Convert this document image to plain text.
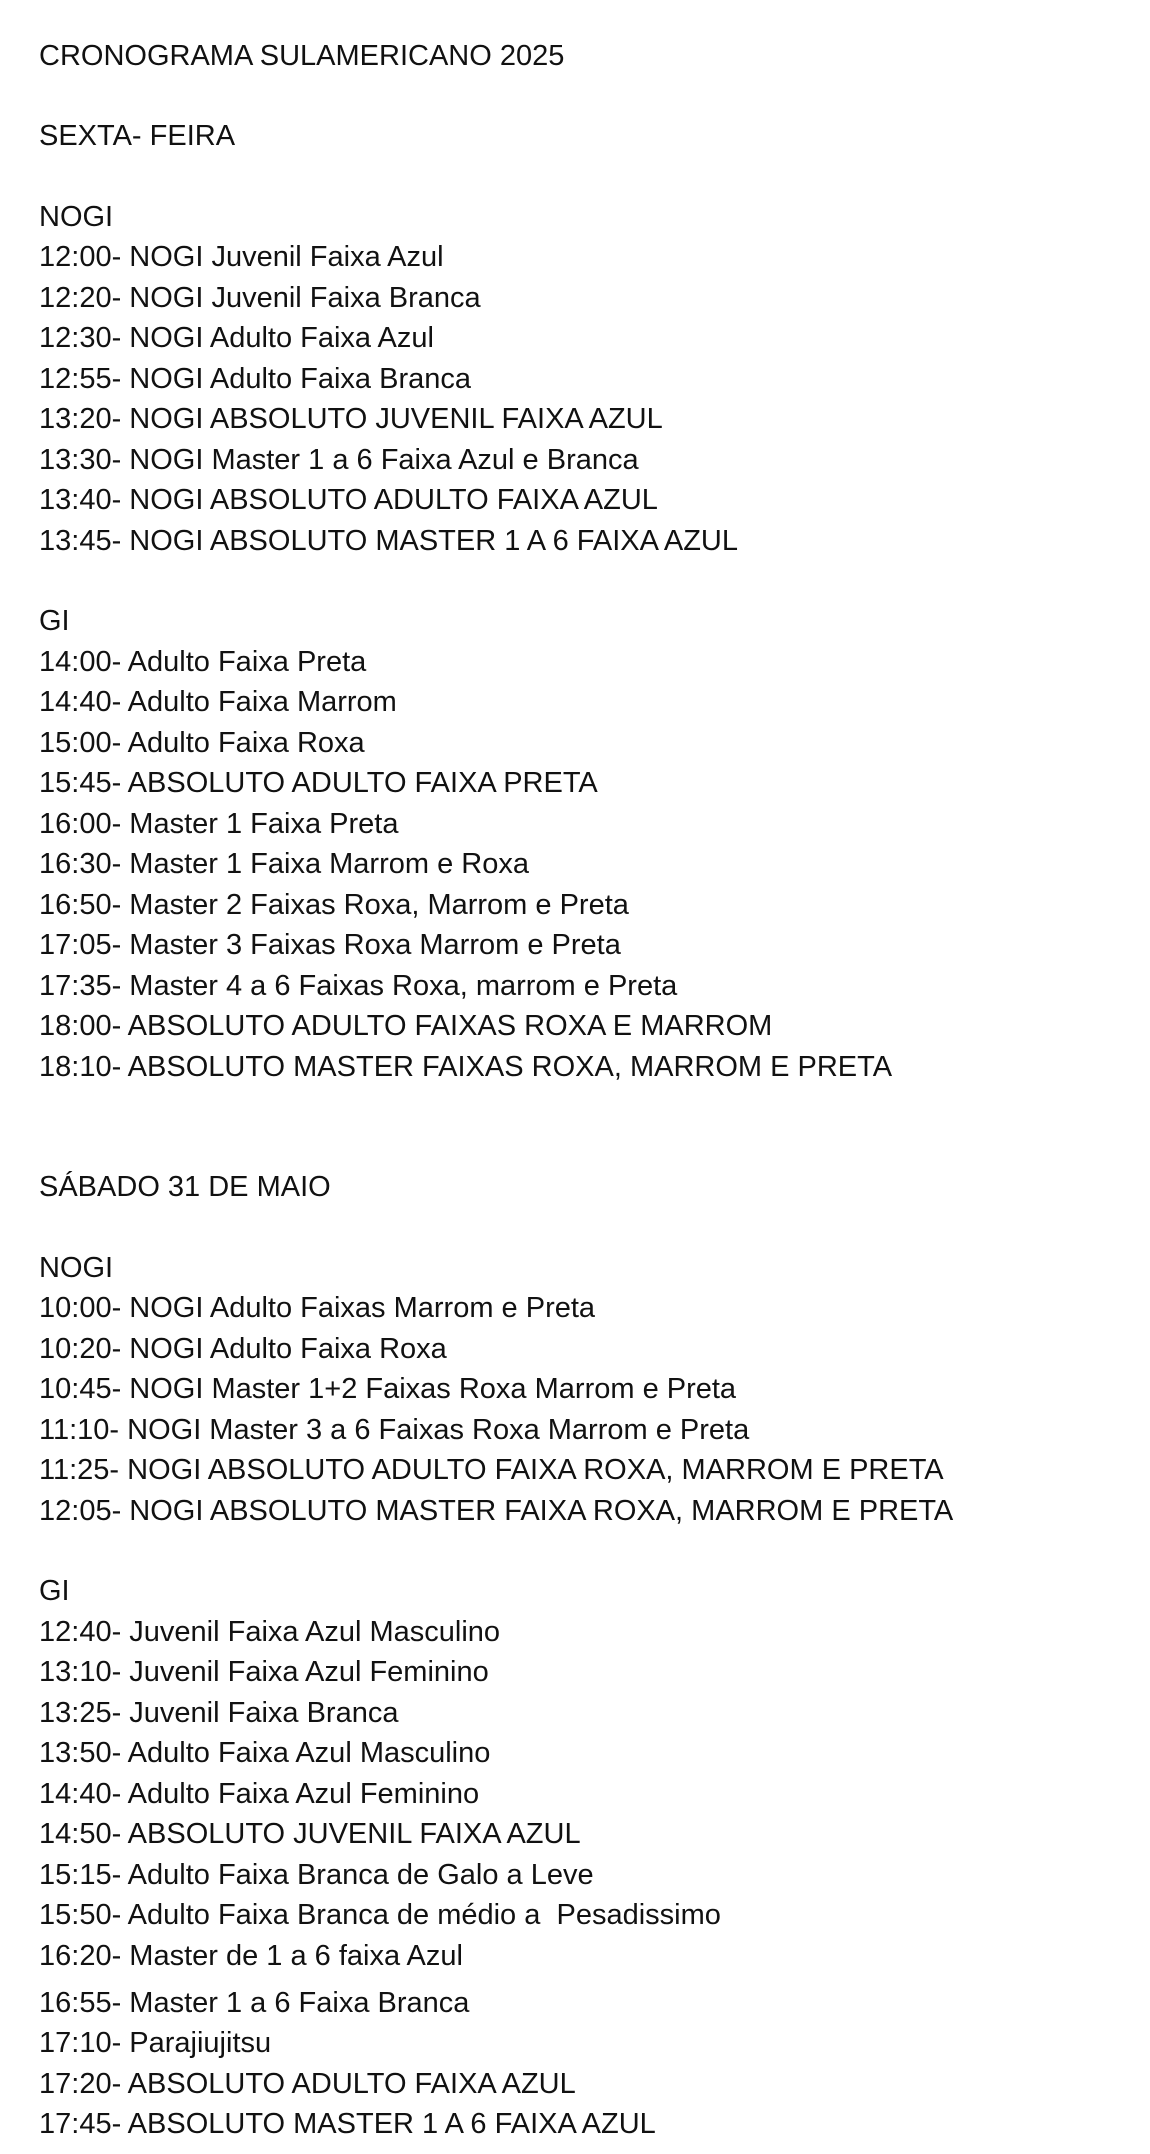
CRONOGRAMA SULAMERICANO 2025
SEXTA- FEIRA
NOGI
12:00- NOGI Juvenil Faixa Azul
12:20- NOGI Juvenil Faixa Branca
12:30- NOGI Adulto Faixa Azul
12:55- NOGI Adulto Faixa Branca
13:20- NOGI ABSOLUTO JUVENIL FAIXA AZUL
13:30- NOGI Master 1 a 6 Faixa Azul e Branca
13:40- NOGI ABSOLUTO ADULTO FAIXA AZUL
13:45- NOGI ABSOLUTO MASTER 1 A 6 FAIXA AZUL
GI
14:00- Adulto Faixa Preta
14:40- Adulto Faixa Marrom
15:00- Adulto Faixa Roxa
15:45- ABSOLUTO ADULTO FAIXA PRETA
16:00- Master 1 Faixa Preta
16:30- Master 1 Faixa Marrom e Roxa
16:50- Master 2 Faixas Roxa, Marrom e Preta
17:05- Master 3 Faixas Roxa Marrom e Preta
17:35- Master 4 a 6 Faixas Roxa, marrom e Preta
18:00- ABSOLUTO ADULTO FAIXAS ROXA E MARROM
18:10- ABSOLUTO MASTER FAIXAS ROXA, MARROM E PRETA
SÁBADO 31 DE MAIO
NOGI
10:00- NOGI Adulto Faixas Marrom e Preta
10:20- NOGI Adulto Faixa Roxa
10:45- NOGI Master 1+2 Faixas Roxa Marrom e Preta
11:10- NOGI Master 3 a 6 Faixas Roxa Marrom e Preta
11:25- NOGI ABSOLUTO ADULTO FAIXA ROXA, MARROM E PRETA
12:05- NOGI ABSOLUTO MASTER FAIXA ROXA, MARROM E PRETA
GI
12:40- Juvenil Faixa Azul Masculino
13:10- Juvenil Faixa Azul Feminino
13:25- Juvenil Faixa Branca
13:50- Adulto Faixa Azul Masculino
14:40- Adulto Faixa Azul Feminino
14:50- ABSOLUTO JUVENIL FAIXA AZUL
15:15- Adulto Faixa Branca de Galo a Leve
15:50- Adulto Faixa Branca de médio a  Pesadissimo
16:20- Master de 1 a 6 faixa Azul
16:55- Master 1 a 6 Faixa Branca
17:10- Parajiujitsu
17:20- ABSOLUTO ADULTO FAIXA AZUL
17:45- ABSOLUTO MASTER 1 A 6 FAIXA AZUL
